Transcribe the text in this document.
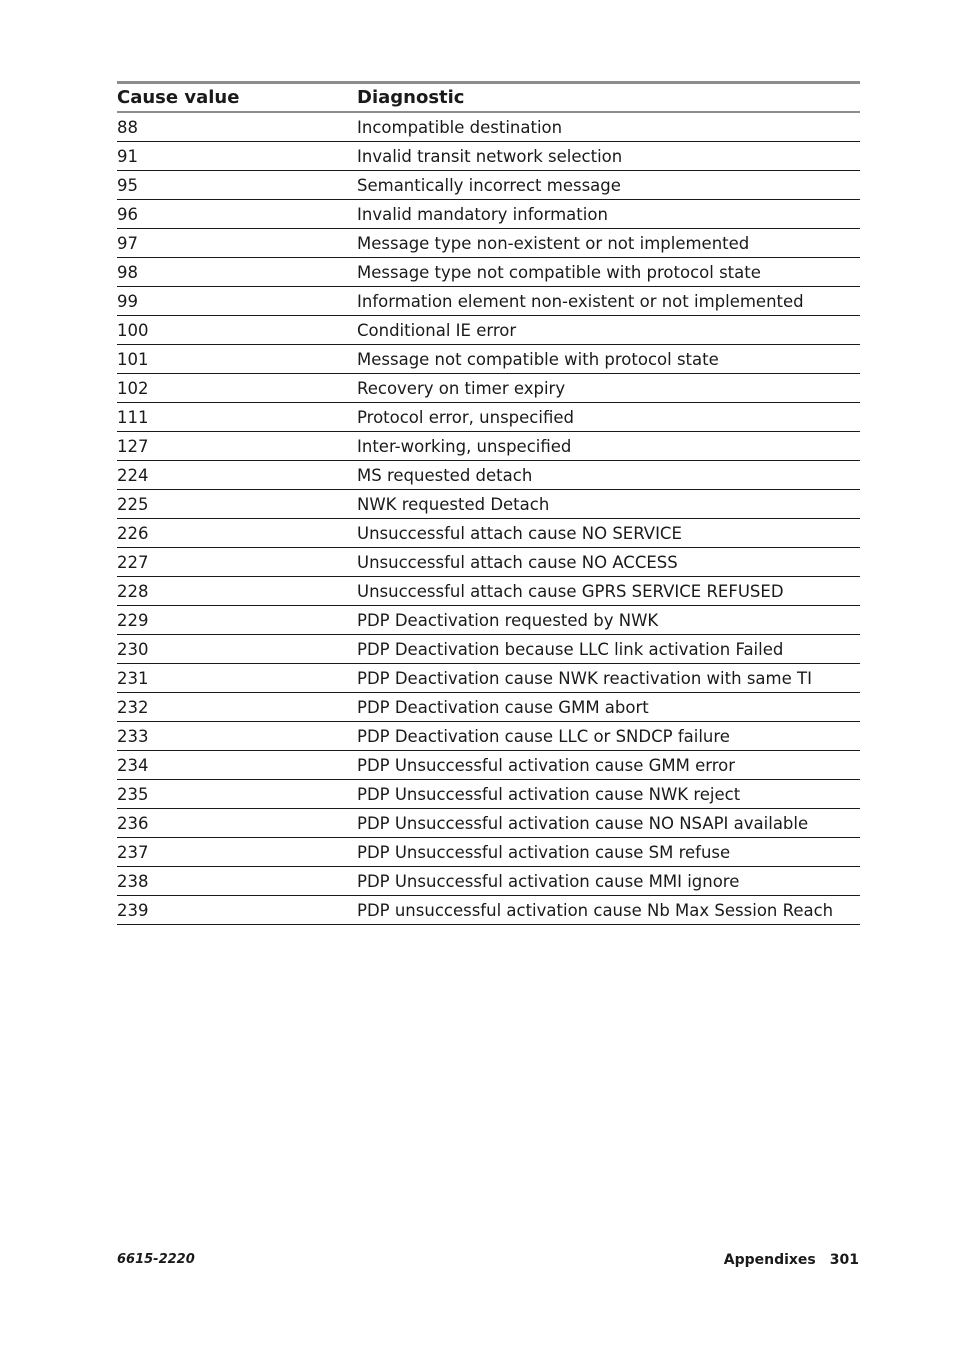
Cause value	Diagnostic
88	Incompatible destination
91	Invalid transit network selection
95	Semantically incorrect message
96	Invalid mandatory information
97	Message type non-existent or not implemented
98	Message type not compatible with protocol state
99	Information element non-existent or not implemented
100	Conditional IE error
101	Message not compatible with protocol state
102	Recovery on timer expiry
111	Protocol error, unspecified
127	Inter-working, unspecified
224	MS requested detach
225	NWK requested Detach
226	Unsuccessful attach cause NO SERVICE
227	Unsuccessful attach cause NO ACCESS
228	Unsuccessful attach cause GPRS SERVICE REFUSED
229	PDP Deactivation requested by NWK
230	PDP Deactivation because LLC link activation Failed
231	PDP Deactivation cause NWK reactivation with same TI
232	PDP Deactivation cause GMM abort
233	PDP Deactivation cause LLC or SNDCP failure
234	PDP Unsuccessful activation cause GMM error
235	PDP Unsuccessful activation cause NWK reject
236	PDP Unsuccessful activation cause NO NSAPI available
237	PDP Unsuccessful activation cause SM refuse
238	PDP Unsuccessful activation cause MMI ignore
239	PDP unsuccessful activation cause Nb Max Session Reach
6615-2220	Appendixes 301
